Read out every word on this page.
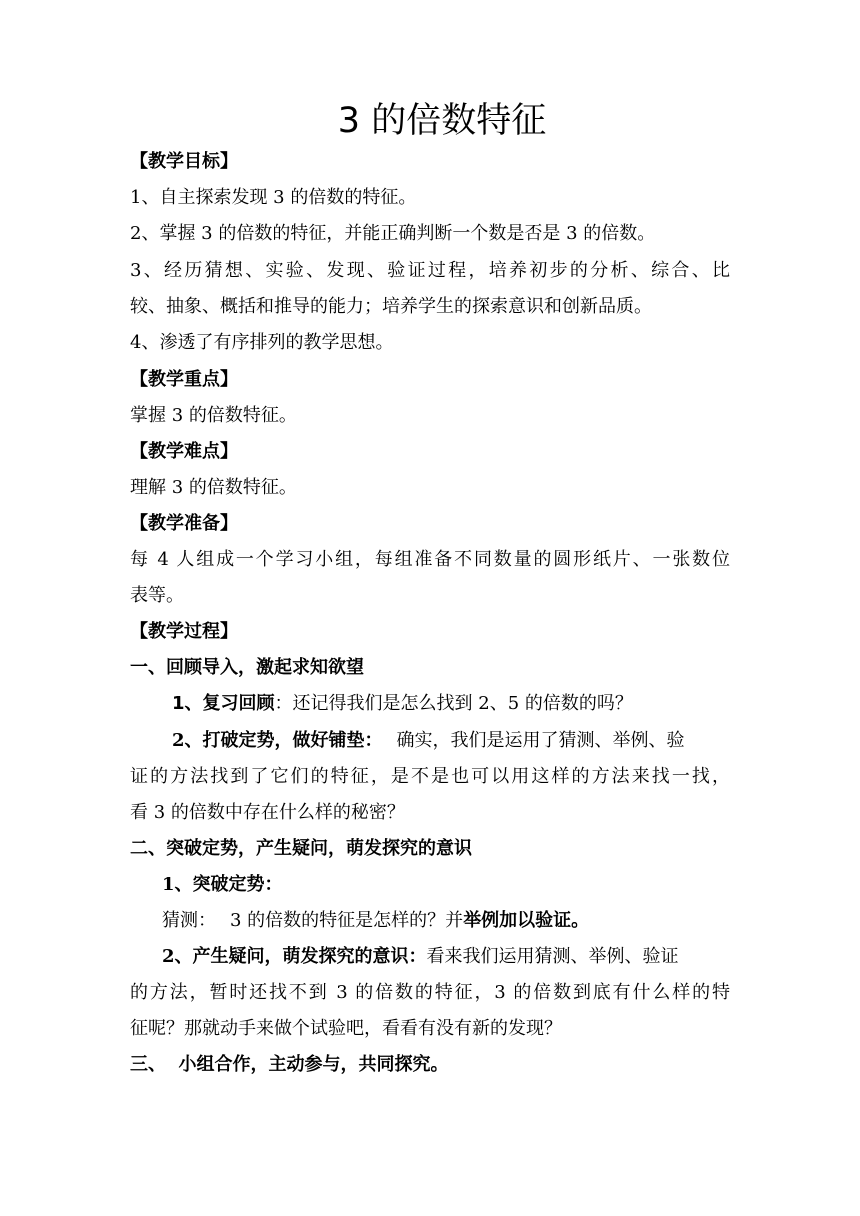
3 的倍数特征
【教学目标】
1、自主探索发现 3 的倍数的特征。
2、掌握 3 的倍数的特征，并能正确判断一个数是否是 3 的倍数。
3、经历猜想、实验、发现、验证过程，培养初步的分析、综合、比
较、抽象、概括和推导的能力；培养学生的探索意识和创新品质。
4、渗透了有序排列的教学思想。
【教学重点】
掌握 3 的倍数特征。
【教学难点】
理解 3 的倍数特征。
【教学准备】
每 4 人组成一个学习小组，每组准备不同数量的圆形纸片、一张数位
表等。
【教学过程】
一、回顾导入，激起求知欲望
1、复习回顾：还记得我们是怎么找到 2、5 的倍数的吗？
2、打破定势，做好铺垫： 确实，我们是运用了猜测、举例、验
证的方法找到了它们的特征，是不是也可以用这样的方法来找一找，
看 3 的倍数中存在什么样的秘密？
二、突破定势，产生疑问，萌发探究的意识
1、突破定势：
猜测： 3 的倍数的特征是怎样的？并举例加以验证。
2、产生疑问，萌发探究的意识：看来我们运用猜测、举例、验证
的方法，暂时还找不到 3 的倍数的特征，3 的倍数到底有什么样的特
征呢？那就动手来做个试验吧，看看有没有新的发现？
三、  小组合作，主动参与，共同探究。
